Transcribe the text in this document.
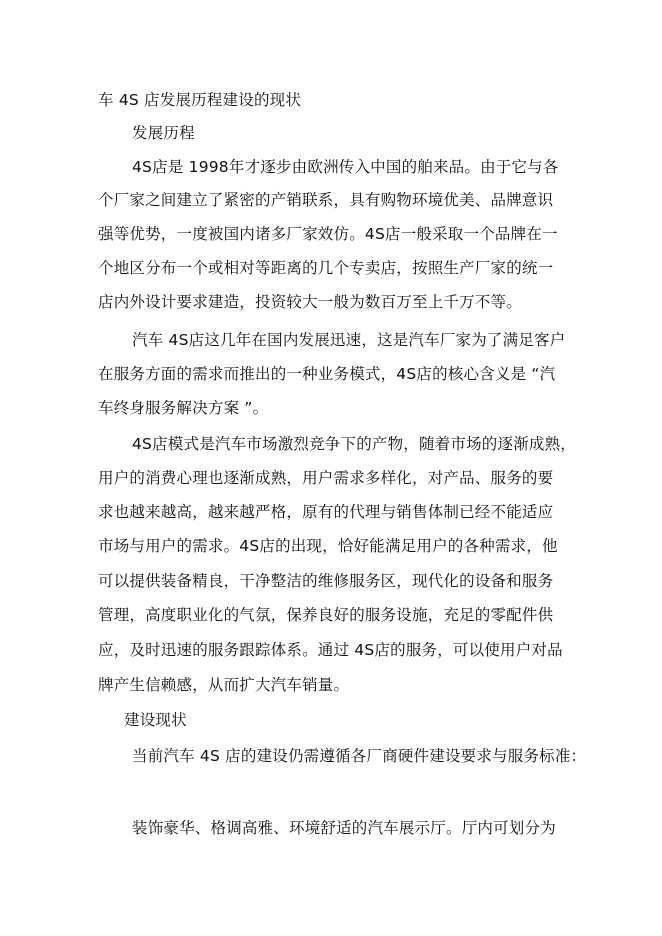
车 4S 店发展历程建设的现状
发展历程
4S店是 1998年才逐步由欧洲传入中国的舶来品。由于它与各
个厂家之间建立了紧密的产销联系，具有购物环境优美、品牌意识
强等优势，一度被国内诸多厂家效仿。4S店一般采取一个品牌在一
个地区分布一个或相对等距离的几个专卖店，按照生产厂家的统一
店内外设计要求建造，投资较大一般为数百万至上千万不等。
汽车 4S店这几年在国内发展迅速，这是汽车厂家为了满足客户
在服务方面的需求而推出的一种业务模式，4S店的核心含义是 “汽
车终身服务解决方案 ”。
4S店模式是汽车市场激烈竞争下的产物，随着市场的逐渐成熟，
用户的消费心理也逐渐成熟，用户需求多样化，对产品、服务的要
求也越来越高，越来越严格，原有的代理与销售体制已经不能适应
市场与用户的需求。4S店的出现，恰好能满足用户的各种需求，他
可以提供装备精良，干净整洁的维修服务区，现代化的设备和服务
管理，高度职业化的气氛，保养良好的服务设施，充足的零配件供
应，及时迅速的服务跟踪体系。通过 4S店的服务，可以使用户对品
牌产生信赖感，从而扩大汽车销量。
建设现状
当前汽车 4S 店的建设仍需遵循各厂商硬件建设要求与服务标准：
装饰豪华、格调高雅、环境舒适的汽车展示厅。厅内可划分为
